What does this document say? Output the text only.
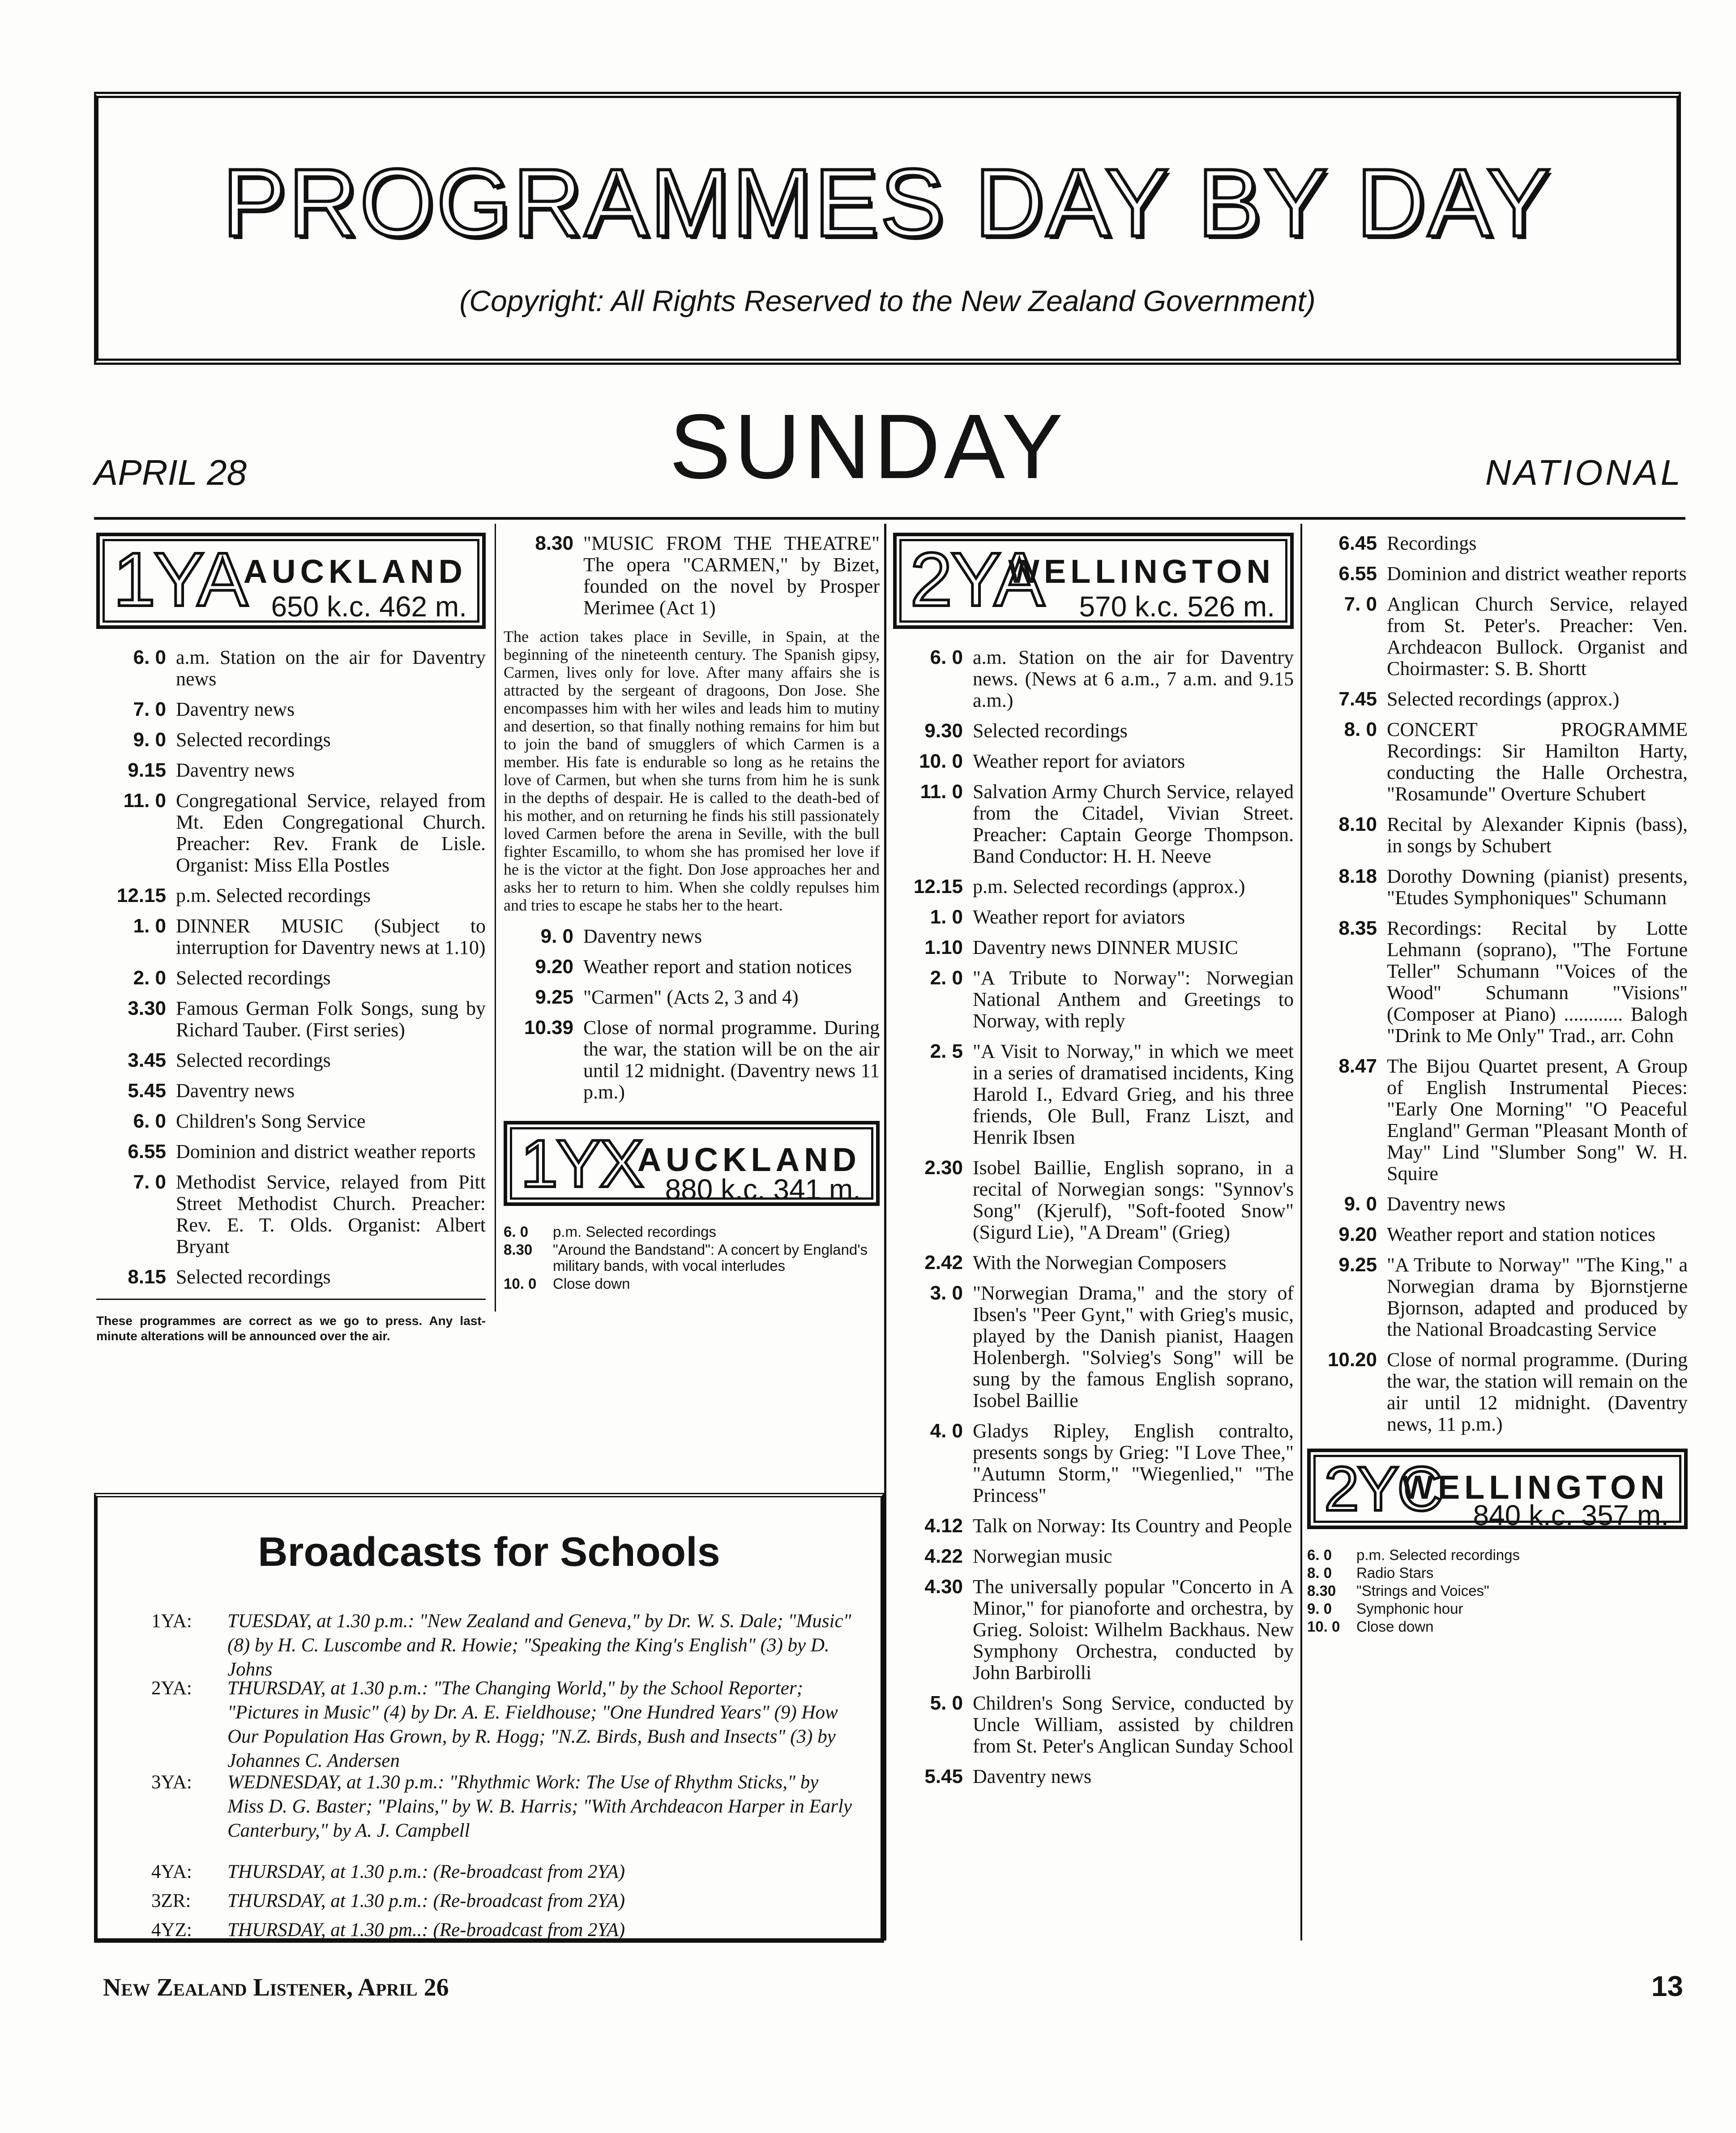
PROGRAMMES DAY BY DAY
(Copyright: All Rights Reserved to the New Zealand Government)
APRIL 28	SUNDAY	NATIONAL
1YA
AUCKLAND
650 k.c. 462 m.
6. 0 a.m. Station on the air for Daventry news
7. 0 Daventry news
9. 0 Selected recordings
9.15 Daventry news
11. 0 Congregational Service, relayed from Mt. Eden Congregational Church. Preacher: Rev. Frank de Lisle. Organist: Miss Ella Postles
12.15 p.m. Selected recordings
1. 0 DINNER MUSIC (Subject to interruption for Daventry news at 1.10)
2. 0 Selected recordings
3.30 Famous German Folk Songs, sung by Richard Tauber. (First series)
3.45 Selected recordings
5.45 Daventry news
6. 0 Children's Song Service
6.55 Dominion and district weather reports
7. 0 Methodist Service, relayed from Pitt Street Methodist Church. Preacher: Rev. E. T. Olds. Organist: Albert Bryant
8.15 Selected recordings
These programmes are correct as we go to press. Any last-minute alterations will be announced over the air.
8.30 "MUSIC FROM THE THEATRE" The opera "CARMEN," by Bizet, founded on the novel by Prosper Merimee (Act 1)
The action takes place in Seville, in Spain, at the beginning of the nineteenth century. The Spanish gipsy, Carmen, lives only for love. After many affairs she is attracted by the sergeant of dragoons, Don Jose. She encompasses him with her wiles and leads him to mutiny and desertion, so that finally nothing remains for him but to join the band of smugglers of which Carmen is a member. His fate is endurable so long as he retains the love of Carmen, but when she turns from him he is sunk in the depths of despair. He is called to the death-bed of his mother, and on returning he finds his still passionately loved Carmen before the arena in Seville, with the bull fighter Escamillo, to whom she has promised her love if he is the victor at the fight. Don Jose approaches her and asks her to return to him. When she coldly repulses him and tries to escape he stabs her to the heart.
9. 0 Daventry news
9.20 Weather report and station notices
9.25 "Carmen" (Acts 2, 3 and 4)
10.39 Close of normal programme. During the war, the station will be on the air until 12 midnight. (Daventry news 11 p.m.)
1YX
AUCKLAND
880 k.c. 341 m.
6. 0	p.m. Selected recordings
8.30	"Around the Bandstand": A concert by England's military bands, with vocal interludes
10. 0	Close down
Broadcasts for Schools
1YA:	TUESDAY, at 1.30 p.m.: "New Zealand and Geneva," by Dr. W. S. Dale; "Music" (8) by H. C. Luscombe and R. Howie; "Speaking the King's English" (3) by D. Johns
2YA:	THURSDAY, at 1.30 p.m.: "The Changing World," by the School Reporter; "Pictures in Music" (4) by Dr. A. E. Fieldhouse; "One Hundred Years" (9) How Our Population Has Grown, by R. Hogg; "N.Z. Birds, Bush and Insects" (3) by Johannes C. Andersen
3YA:	WEDNESDAY, at 1.30 p.m.: "Rhythmic Work: The Use of Rhythm Sticks," by Miss D. G. Baster; "Plains," by W. B. Harris; "With Archdeacon Harper in Early Canterbury," by A. J. Campbell
4YA:	THURSDAY, at 1.30 p.m.: (Re-broadcast from 2YA)
3ZR:	THURSDAY, at 1.30 p.m.: (Re-broadcast from 2YA)
4YZ:	THURSDAY, at 1.30 pm..: (Re-broadcast from 2YA)
2YA
WELLINGTON
570 k.c. 526 m.
6. 0 a.m. Station on the air for Daventry news. (News at 6 a.m., 7 a.m. and 9.15 a.m.)
9.30 Selected recordings
10. 0 Weather report for aviators
11. 0 Salvation Army Church Service, relayed from the Citadel, Vivian Street. Preacher: Captain George Thompson. Band Conductor: H. H. Neeve
12.15 p.m. Selected recordings (approx.)
1. 0 Weather report for aviators
1.10 Daventry news DINNER MUSIC
2. 0 "A Tribute to Norway": Norwegian National Anthem and Greetings to Norway, with reply
2. 5 "A Visit to Norway," in which we meet in a series of dramatised incidents, King Harold I., Edvard Grieg, and his three friends, Ole Bull, Franz Liszt, and Henrik Ibsen
2.30 Isobel Baillie, English soprano, in a recital of Norwegian songs: "Synnov's Song" (Kjerulf), "Soft-footed Snow" (Sigurd Lie), "A Dream" (Grieg)
2.42 With the Norwegian Composers
3. 0 "Norwegian Drama," and the story of Ibsen's "Peer Gynt," with Grieg's music, played by the Danish pianist, Haagen Holenbergh. "Solvieg's Song" will be sung by the famous English soprano, Isobel Baillie
4. 0 Gladys Ripley, English contralto, presents songs by Grieg: "I Love Thee," "Autumn Storm," "Wiegenlied," "The Princess"
4.12 Talk on Norway: Its Country and People
4.22 Norwegian music
4.30 The universally popular "Concerto in A Minor," for pianoforte and orchestra, by Grieg. Soloist: Wilhelm Backhaus. New Symphony Orchestra, conducted by John Barbirolli
5. 0 Children's Song Service, conducted by Uncle William, assisted by children from St. Peter's Anglican Sunday School
5.45 Daventry news
6.45 Recordings
6.55 Dominion and district weather reports
7. 0 Anglican Church Service, relayed from St. Peter's. Preacher: Ven. Archdeacon Bullock. Organist and Choirmaster: S. B. Shortt
7.45 Selected recordings (approx.)
8. 0 CONCERT PROGRAMME Recordings: Sir Hamilton Harty, conducting the Halle Orchestra, "Rosamunde" Overture Schubert
8.10 Recital by Alexander Kipnis (bass), in songs by Schubert
8.18 Dorothy Downing (pianist) presents, "Etudes Symphoniques" Schumann
8.35 Recordings: Recital by Lotte Lehmann (soprano), "The Fortune Teller" Schumann "Voices of the Wood" Schumann "Visions" (Composer at Piano) ............ Balogh "Drink to Me Only" Trad., arr. Cohn
8.47 The Bijou Quartet present, A Group of English Instrumental Pieces: "Early One Morning" "O Peaceful England" German "Pleasant Month of May" Lind "Slumber Song" W. H. Squire
9. 0 Daventry news
9.20 Weather report and station notices
9.25 "A Tribute to Norway" "The King," a Norwegian drama by Bjornstjerne Bjornson, adapted and produced by the National Broadcasting Service
10.20 Close of normal programme. (During the war, the station will remain on the air until 12 midnight. (Daventry news, 11 p.m.)
2YC
WELLINGTON
840 k.c. 357 m.
6. 0	p.m. Selected recordings
8. 0	Radio Stars
8.30	"Strings and Voices"
9. 0	Symphonic hour
10. 0	Close down
New Zealand Listener, April 26	13
